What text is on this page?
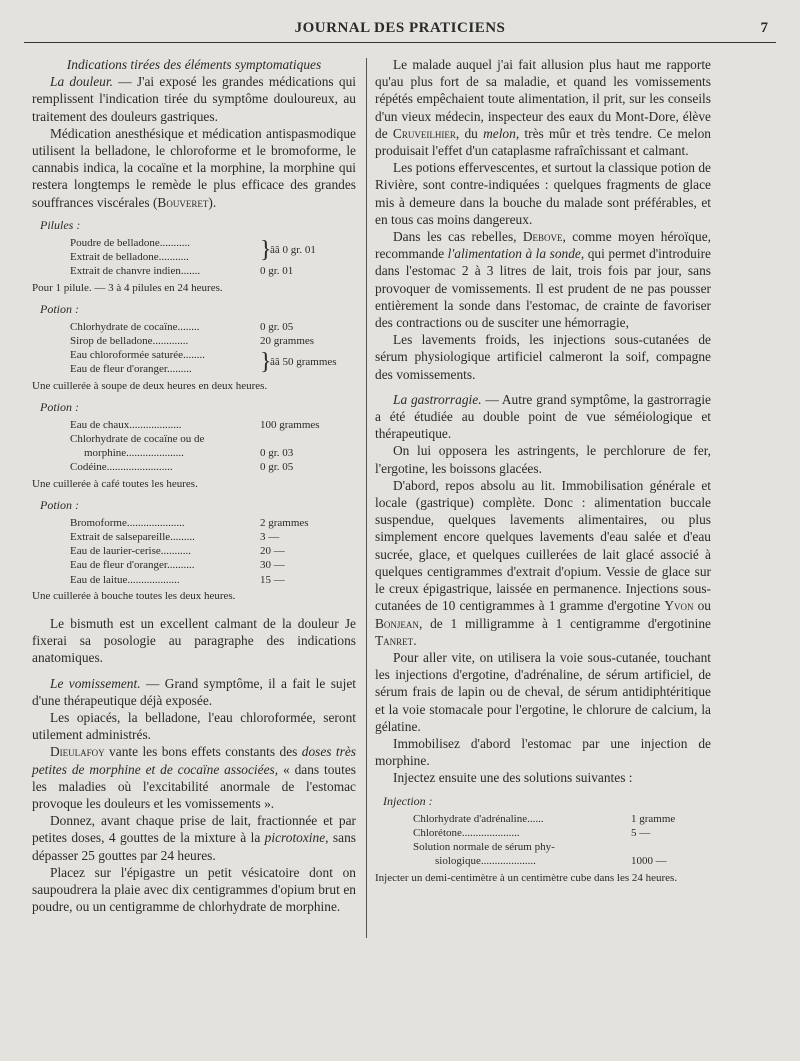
JOURNAL DES PRATICIENS	7

Indications tirées des éléments symptomatiques

La douleur. — J'ai exposé les grandes médications qui remplissent l'indication tirée du symptôme douloureux, au traitement des douleurs gastriques.

Médication anesthésique et médication antispasmodique utilisent la belladone, le chloroforme et le bromoforme, le cannabis indica, la cocaïne et la morphine, la morphine qui restera longtemps le remède le plus efficace des grandes souffrances viscérales (Bouveret).

Pilules :
Poudre de belladone...........
Extrait de belladone...........	}
ââ 0 gr. 01
Extrait de chanvre indien.......	0 gr. 01
Pour 1 pilule. — 3 à 4 pilules en 24 heures.
Potion :
Chlorhydrate de cocaïne........	0 gr. 05
Sirop de belladone.............	20 grammes
Eau chloroformée saturée........
Eau de fleur d'oranger.........	}
ââ 50 grammes
Une cuillerée à soupe de deux heures en deux heures.
Potion :
Eau de chaux...................	100 grammes
Chlorhydrate de cocaïne ou de
morphine.....................	0 gr. 03
Codéine........................	0 gr. 05
Une cuillerée à café toutes les heures.
Potion :
Bromoforme.....................	2 grammes
Extrait de salsepareille.........	3 —
Eau de laurier-cerise...........	20 —
Eau de fleur d'oranger..........	30 —
Eau de laitue...................	15 —
Une cuillerée à bouche toutes les deux heures.

Le bismuth est un excellent calmant de la douleur Je fixerai sa posologie au paragraphe des indications anatomiques.

Le vomissement. — Grand symptôme, il a fait le sujet d'une thérapeutique déjà exposée.

Les opiacés, la belladone, l'eau chloroformée, seront utilement administrés.

Dieulafoy vante les bons effets constants des doses très petites de morphine et de cocaïne associées, « dans toutes les maladies où l'excitabilité anormale de l'estomac provoque les douleurs et les vomissements ».

Donnez, avant chaque prise de lait, fractionnée et par petites doses, 4 gouttes de la mixture à la picrotoxine, sans dépasser 25 gouttes par 24 heures.

Placez sur l'épigastre un petit vésicatoire dont on saupoudrera la plaie avec dix centigrammes d'opium brut en poudre, ou un centigramme de chlorhydrate de morphine.

Le malade auquel j'ai fait allusion plus haut me rapporte qu'au plus fort de sa maladie, et quand les vomissements répétés empêchaient toute alimentation, il prit, sur les conseils d'un vieux médecin, inspecteur des eaux du Mont-Dore, élève de Cruveilhier, du melon, très mûr et très tendre. Ce melon produisait l'effet d'un cataplasme rafraîchissant et calmant.

Les potions effervescentes, et surtout la classique potion de Rivière, sont contre-indiquées : quelques fragments de glace mis à demeure dans la bouche du malade sont préférables, et en tous cas moins dangereux.

Dans les cas rebelles, Debove, comme moyen héroïque, recommande l'alimentation à la sonde, qui permet d'introduire dans l'estomac 2 à 3 litres de lait, trois fois par jour, sans provoquer de vomissements. Il est prudent de ne pas pousser entièrement la sonde dans l'estomac, de crainte de favoriser des contractions ou de susciter une hémorragie,

Les lavements froids, les injections sous-cutanées de sérum physiologique artificiel calmeront la soif, compagne des vomissements.

La gastrorragie. — Autre grand symptôme, la gastrorragie a été étudiée au double point de vue séméiologique et thérapeutique.

On lui opposera les astringents, le perchlorure de fer, l'ergotine, les boissons glacées.

D'abord, repos absolu au lit. Immobilisation générale et locale (gastrique) complète. Donc : alimentation buccale suspendue, quelques lavements alimentaires, ou plus simplement encore quelques lavements d'eau salée et d'eau sucrée, glace, et quelques cuillerées de lait glacé associé à quelques centigrammes d'extrait d'opium. Vessie de glace sur le creux épigastrique, laissée en permanence. Injections sous-cutanées de 10 centigrammes à 1 gramme d'ergotine Yvon ou Bonjean, de 1 milligramme à 1 centigramme d'ergotinine Tanret.

Pour aller vite, on utilisera la voie sous-cutanée, touchant les injections d'ergotine, d'adrénaline, de sérum artificiel, de sérum frais de lapin ou de cheval, de sérum antidiphtéritique et la voie stomacale pour l'ergotine, le chlorure de calcium, la gélatine.

Immobilisez d'abord l'estomac par une injection de morphine.

Injectez ensuite une des solutions suivantes :

Injection :
Chlorhydrate d'adrénaline......	1 gramme
Chlorétone.....................	5 —
Solution normale de sérum phy-
siologique....................	1000 —
Injecter un demi-centimètre à un centimètre cube dans les 24 heures.
